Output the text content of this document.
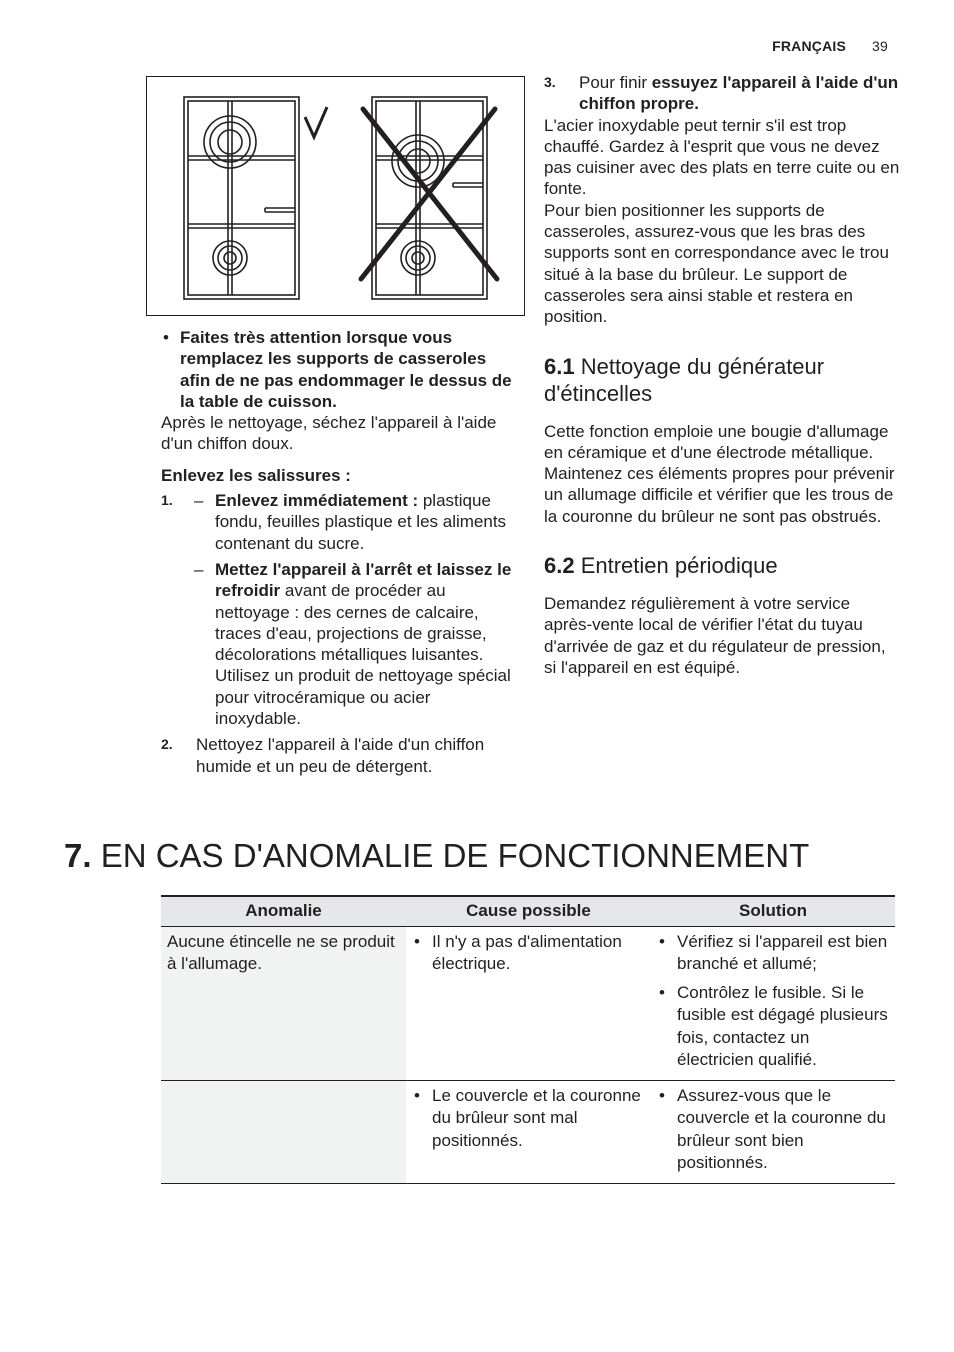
FRANÇAIS 39

• Faites très attention lorsque vous remplacez les supports de casseroles afin de ne pas endommager le dessus de la table de cuisson.

Après le nettoyage, séchez l'appareil à l'aide d'un chiffon doux.

Enlevez les salissures :

1. – Enlevez immédiatement : plastique fondu, feuilles plastique et les aliments contenant du sucre.
– Mettez l'appareil à l'arrêt et laissez le refroidir avant de procéder au nettoyage : des cernes de calcaire, traces d'eau, projections de graisse, décolorations métalliques luisantes. Utilisez un produit de nettoyage spécial pour vitrocéramique ou acier inoxydable.
2. Nettoyez l'appareil à l'aide d'un chiffon humide et un peu de détergent.
3. Pour finir essuyez l'appareil à l'aide d'un chiffon propre.

L'acier inoxydable peut ternir s'il est trop chauffé. Gardez à l'esprit que vous ne devez pas cuisiner avec des plats en terre cuite ou en fonte.

Pour bien positionner les supports de casseroles, assurez-vous que les bras des supports sont en correspondance avec le trou situé à la base du brûleur. Le support de casseroles sera ainsi stable et restera en position.

6.1 Nettoyage du générateur d'étincelles

Cette fonction emploie une bougie d'allumage en céramique et d'une électrode métallique. Maintenez ces éléments propres pour prévenir un allumage difficile et vérifier que les trous de la couronne du brûleur ne sont pas obstrués.

6.2 Entretien périodique

Demandez régulièrement à votre service après-vente local de vérifier l'état du tuyau d'arrivée de gaz et du régulateur de pression, si l'appareil en est équipé.

7. EN CAS D'ANOMALIE DE FONCTIONNEMENT
Anomalie	Cause possible	Solution
Aucune étincelle ne se produit à l'allumage.	• Il n'y a pas d'alimentation électrique.	• Vérifiez si l'appareil est bien branché et allumé;
• Contrôlez le fusible. Si le fusible est dégagé plusieurs fois, contactez un électricien qualifié.

	• Le couvercle et la couronne du brûleur sont mal positionnés.	• Assurez-vous que le couvercle et la couronne du brûleur sont bien positionnés.
